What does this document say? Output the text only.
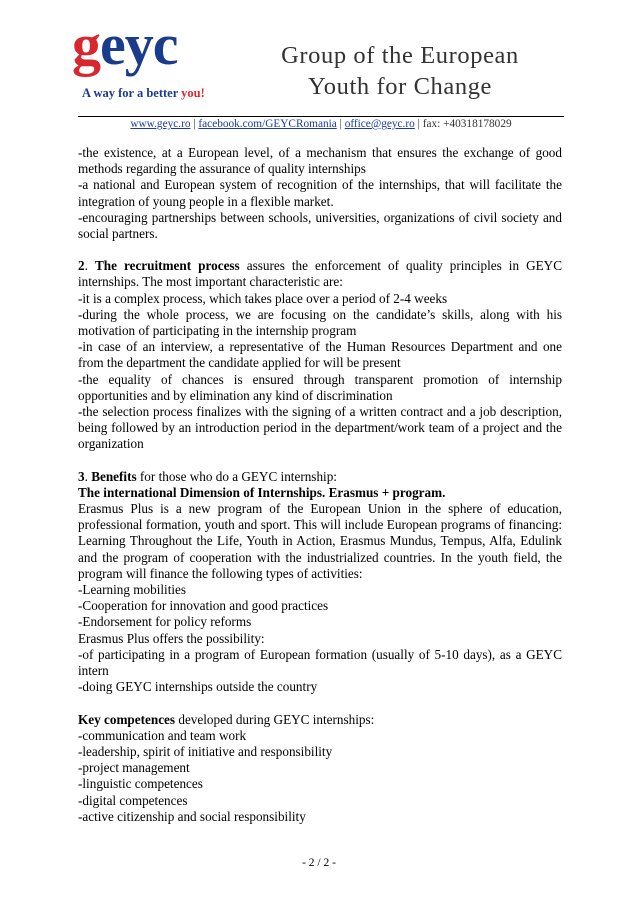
geyc
A way for a better you!
Group of the European
Youth for Change
www.geyc.ro | facebook.com/GEYCRomania | office@geyc.ro | fax: +40318178029

-the existence, at a European level, of a mechanism that ensures the exchange of good methods regarding the assurance of quality internships

-a national and European system of recognition of the internships, that will facilitate the integration of young people in a flexible market.

-encouraging partnerships between schools, universities, organizations of civil society and social partners.

2. The recruitment process assures the enforcement of quality principles in GEYC internships. The most important characteristic are:

-it is a complex process, which takes place over a period of 2-4 weeks

-during the whole process, we are focusing on the candidate’s skills, along with his motivation of participating in the internship program

-in case of an interview, a representative of the Human Resources Department and one from the department the candidate applied for will be present

-the equality of chances is ensured through transparent promotion of internship opportunities and by elimination any kind of discrimination

-the selection process finalizes with the signing of a written contract and a job description, being followed by an introduction period in the department/work team of a project and the organization

3. Benefits for those who do a GEYC internship:

The international Dimension of Internships. Erasmus + program.

Erasmus Plus is a new program of the European Union in the sphere of education, professional formation, youth and sport. This will include European programs of financing: Learning Throughout the Life, Youth in Action, Erasmus Mundus, Tempus, Alfa, Edulink and the program of cooperation with the industrialized countries. In the youth field, the program will finance the following types of activities:

-Learning mobilities

-Cooperation for innovation and good practices

-Endorsement for policy reforms

Erasmus Plus offers the possibility:

-of participating in a program of European formation (usually of 5-10 days), as a GEYC intern

-doing GEYC internships outside the country

Key competences developed during GEYC internships:

-communication and team work

-leadership, spirit of initiative and responsibility

-project management

-linguistic competences

-digital competences

-active citizenship and social responsibility

- 2 / 2 -
